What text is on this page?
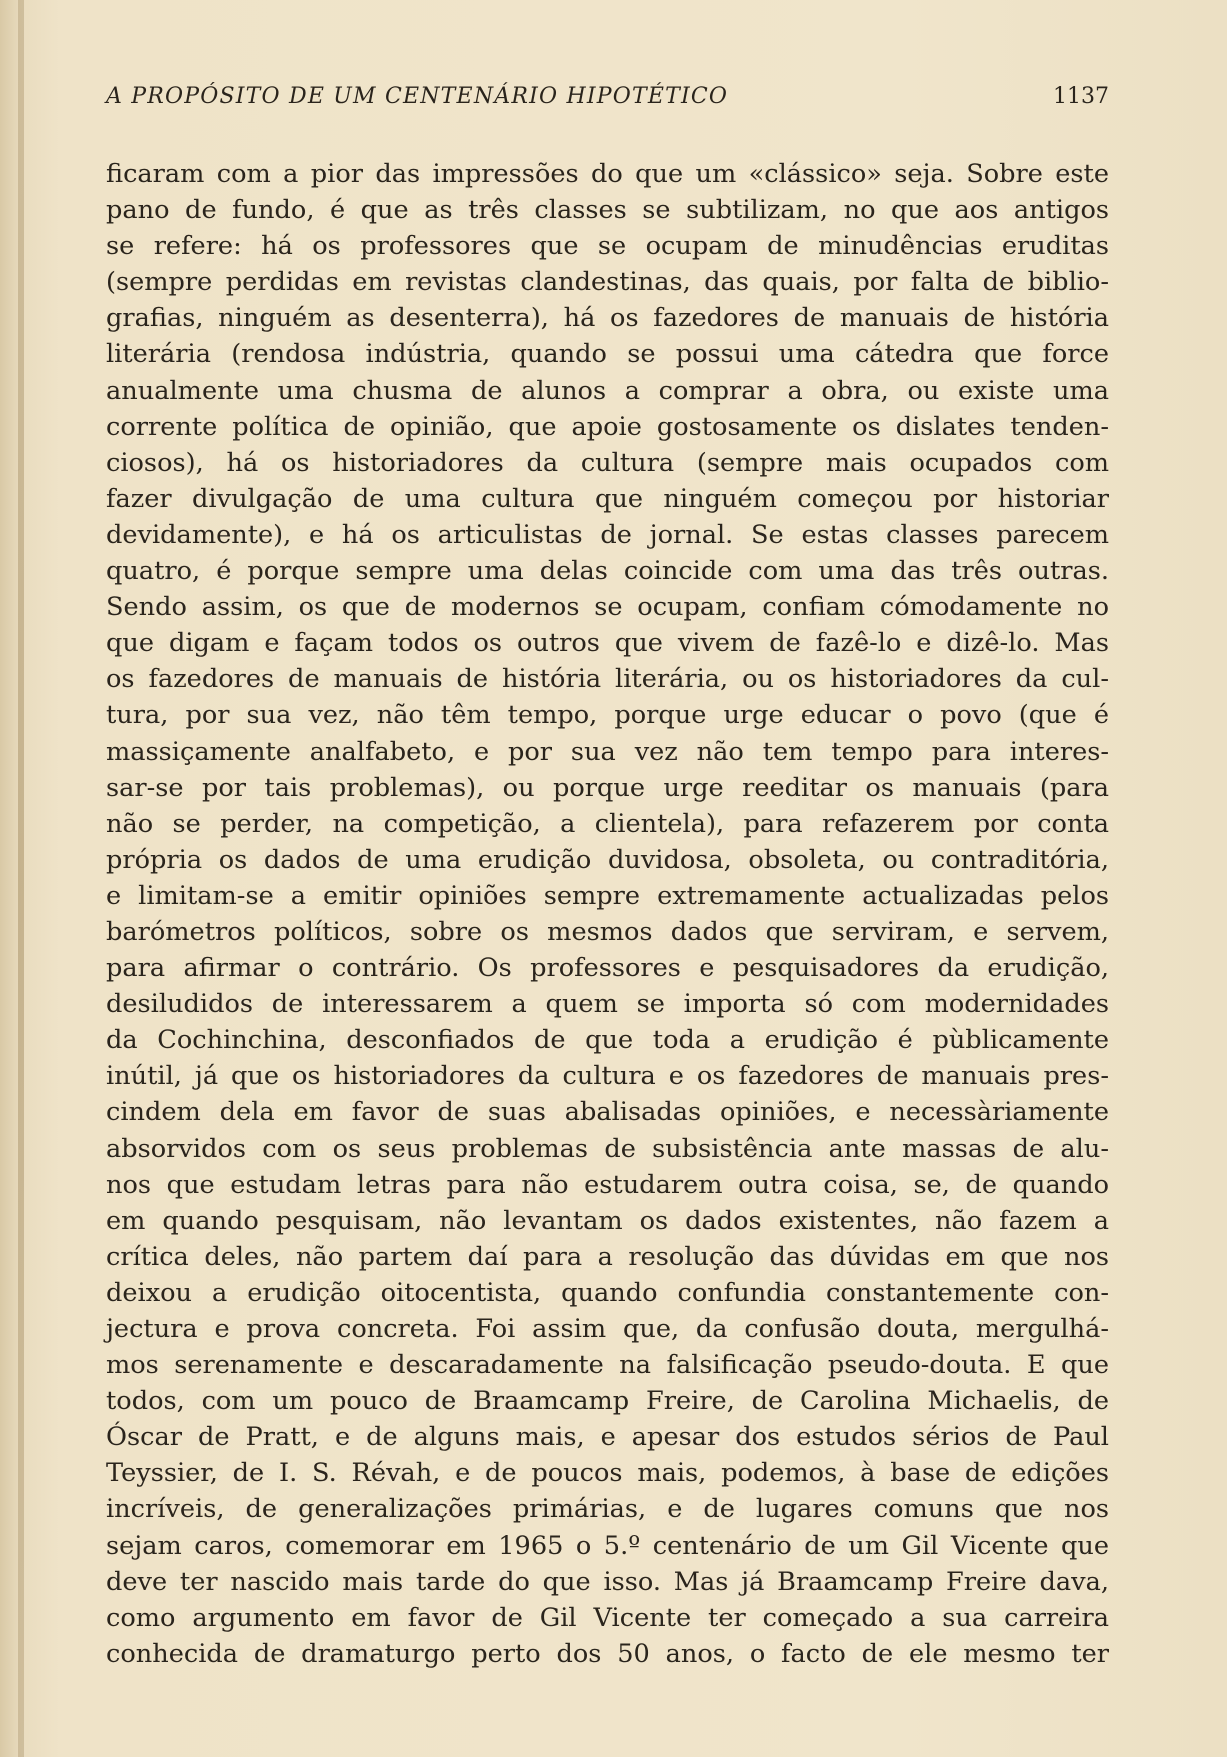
A PROPÓSITO DE UM CENTENÁRIO HIPOTÉTICO	1137
ficaram com a pior das impressões do que um «clássico» seja. Sobre este
pano de fundo, é que as três classes se subtilizam, no que aos antigos
se refere: há os professores que se ocupam de minudências eruditas
(sempre perdidas em revistas clandestinas, das quais, por falta de biblio-
grafias, ninguém as desenterra), há os fazedores de manuais de história
literária (rendosa indústria, quando se possui uma cátedra que force
anualmente uma chusma de alunos a comprar a obra, ou existe uma
corrente política de opinião, que apoie gostosamente os dislates tenden-
ciosos), há os historiadores da cultura (sempre mais ocupados com
fazer divulgação de uma cultura que ninguém começou por historiar
devidamente), e há os articulistas de jornal. Se estas classes parecem
quatro, é porque sempre uma delas coincide com uma das três outras.
Sendo assim, os que de modernos se ocupam, confiam cómodamente no
que digam e façam todos os outros que vivem de fazê-lo e dizê-lo. Mas
os fazedores de manuais de história literária, ou os historiadores da cul-
tura, por sua vez, não têm tempo, porque urge educar o povo (que é
massiçamente analfabeto, e por sua vez não tem tempo para interes-
sar-se por tais problemas), ou porque urge reeditar os manuais (para
não se perder, na competição, a clientela), para refazerem por conta
própria os dados de uma erudição duvidosa, obsoleta, ou contraditória,
e limitam-se a emitir opiniões sempre extremamente actualizadas pelos
barómetros políticos, sobre os mesmos dados que serviram, e servem,
para afirmar o contrário. Os professores e pesquisadores da erudição,
desiludidos de interessarem a quem se importa só com modernidades
da Cochinchina, desconfiados de que toda a erudição é pùblicamente
inútil, já que os historiadores da cultura e os fazedores de manuais pres-
cindem dela em favor de suas abalisadas opiniões, e necessàriamente
absorvidos com os seus problemas de subsistência ante massas de alu-
nos que estudam letras para não estudarem outra coisa, se, de quando
em quando pesquisam, não levantam os dados existentes, não fazem a
crítica deles, não partem daí para a resolução das dúvidas em que nos
deixou a erudição oitocentista, quando confundia constantemente con-
jectura e prova concreta. Foi assim que, da confusão douta, mergulhá-
mos serenamente e descaradamente na falsificação pseudo-douta. E que
todos, com um pouco de Braamcamp Freire, de Carolina Michaelis, de
Óscar de Pratt, e de alguns mais, e apesar dos estudos sérios de Paul
Teyssier, de I. S. Révah, e de poucos mais, podemos, à base de edições
incríveis, de generalizações primárias, e de lugares comuns que nos
sejam caros, comemorar em 1965 o 5.º centenário de um Gil Vicente que
deve ter nascido mais tarde do que isso. Mas já Braamcamp Freire dava,
como argumento em favor de Gil Vicente ter começado a sua carreira
conhecida de dramaturgo perto dos 50 anos, o facto de ele mesmo ter
